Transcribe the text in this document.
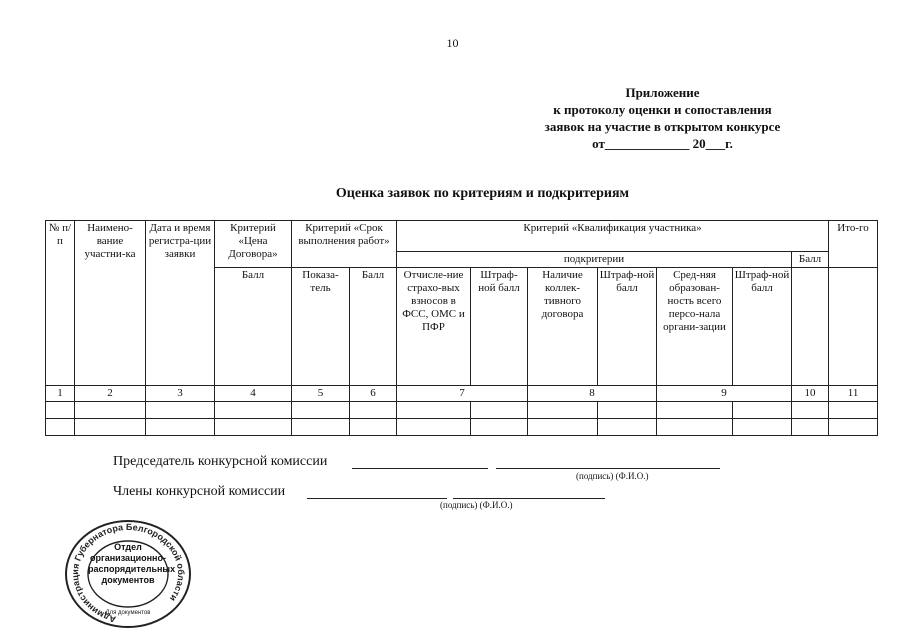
10
Приложение
к протоколу оценки и сопоставления
заявок на участие в открытом конкурсе
от_____________ 20___г.
Оценка заявок по критериям и подкритериям
№ п/п	Наимено-вание участни-ка	Дата и время регистра-ции заявки	Критерий «Цена Договора»	Критерий «Срок выполнения работ»		Критерий «Квалификация участника»							Ито-го
						подкритерии						Балл	
			Балл	Показа-тель	Балл	Отчисле-ние страхо-вых взносов в ФСС, ОМС и ПФР	Штраф-ной балл	Наличие коллек-тивного договора	Штраф-ной балл	Сред-няя образован-ность всего персо-нала органи-зации	Штраф-ной балл		
1	2	3	4	5	6	7		8		9		10	11

Председатель конкурсной комиссии
(подпись) (Ф.И.О.)
Члены конкурсной комиссии
(подпись) (Ф.И.О.)
Администрация Губернатора Белгородской области
Для документов
Отдел организационно-распорядительных документов
